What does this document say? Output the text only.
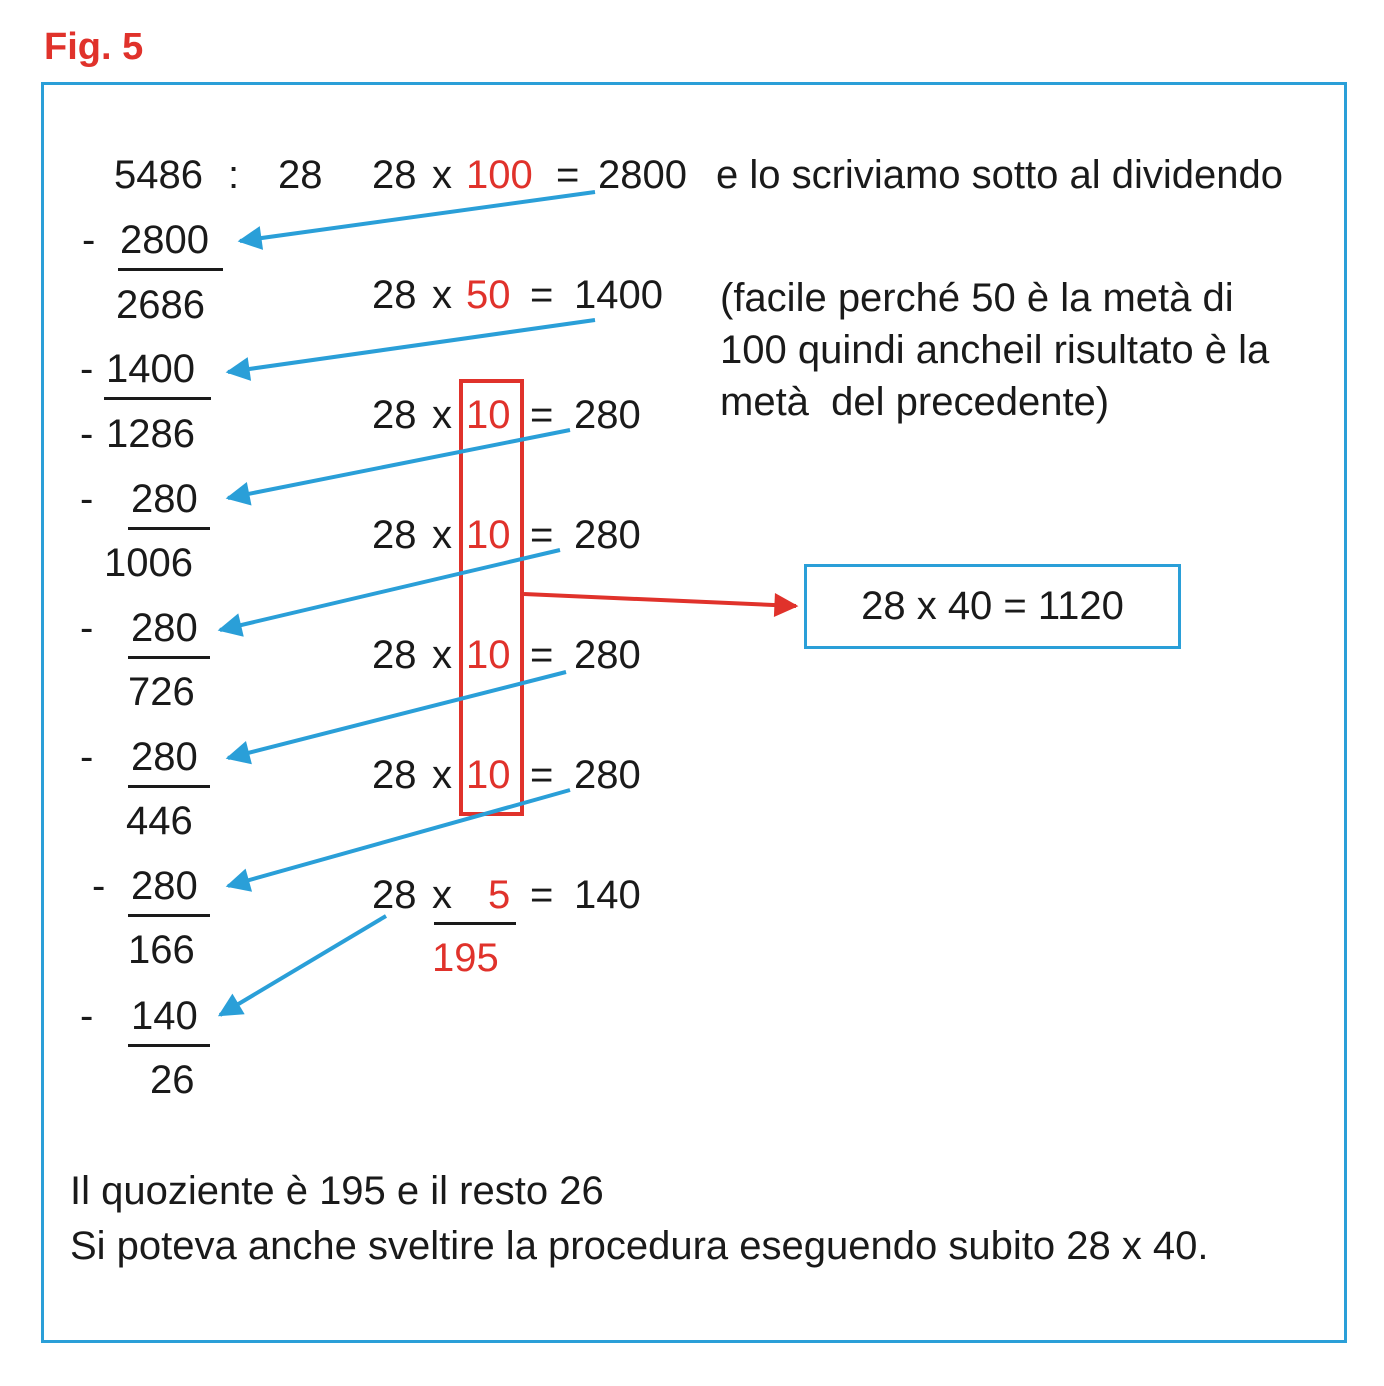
Fig. 5
5486 : 28
- 2800
2686
- 1400
- 1286
- 280
1006
- 280
726
- 280
446
- 280
166
- 140
26
28 x 100 = 2800 e lo scriviamo sotto al dividendo
28 x 50 = 1400
28 x 10 = 280
28 x 10 = 280
28 x 10 = 280
28 x 10 = 280
28 x 5 = 140
195
(facile perché 50 è la metà di
100 quindi ancheil risultato è la
metà  del precedente)
28 x 40 = 1120
Il quoziente è 195 e il resto 26
Si poteva anche sveltire la procedura eseguendo subito 28 x 40.
